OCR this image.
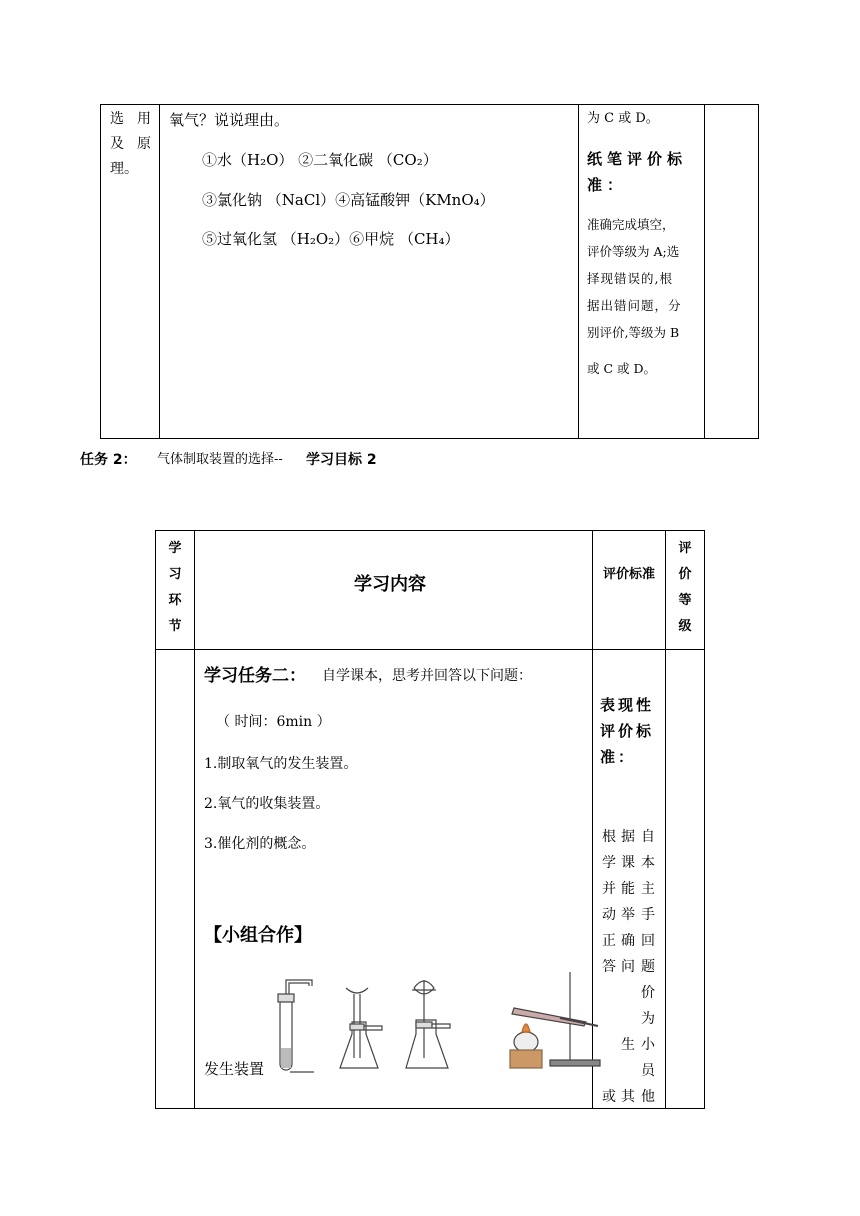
选 用
及 原
理。
氧气？说说理由。
①水（H₂O） ②二氧化碳 （CO₂）
③氯化钠 （NaCl）④高锰酸钾（KMnO₄）
⑤过氧化氢 （H₂O₂）⑥甲烷 （CH₄）
为 C 或 D。
纸笔评价标准：
准确完成填空，
评价等级为 A;选
择现错误的,根
据出错问题，分
别评价,等级为 B
或 C 或 D。
任务 2： 气体制取装置的选择-- 学习目标 2
学
习
环
节
学习内容	评价标准
评
价
等
级
学习任务二： 自学课本，思考并回答以下问题：
（ 时间：6min ）
1.制取氧气的发生装置。
2.氧气的收集装置。
3.催化剂的概念。
【小组合作】
发生装置
表现性评价标准：
根 据 自
学 课 本
并 能 主
动 举 手
正 确 回
答 问 题
价
为
生 小
员
或 其 他
